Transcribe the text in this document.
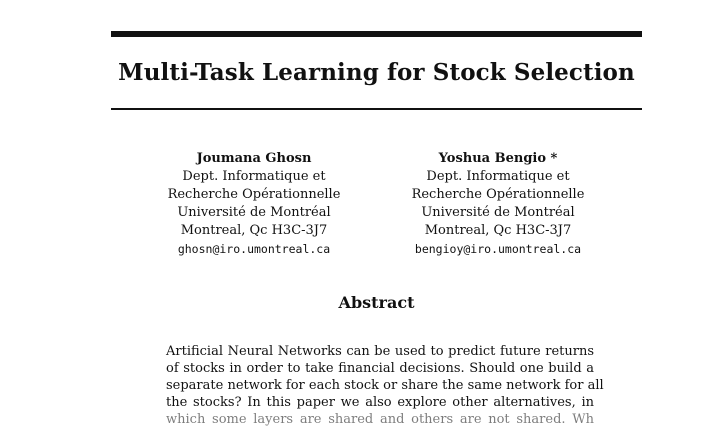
Multi-Task Learning for Stock Selection
Joumana Ghosn
Dept. Informatique et
Recherche Opérationnelle
Université de Montréal
Montreal, Qc H3C-3J7
ghosn@iro.umontreal.ca
Yoshua Bengio *
Dept. Informatique et
Recherche Opérationnelle
Université de Montréal
Montreal, Qc H3C-3J7
bengioy@iro.umontreal.ca
Abstract
Artificial Neural Networks can be used to predict future returns
of stocks in order to take financial decisions. Should one build a
separate network for each stock or share the same network for all
the stocks? In this paper we also explore other alternatives, in
which some layers are shared and others are not shared. Wh
